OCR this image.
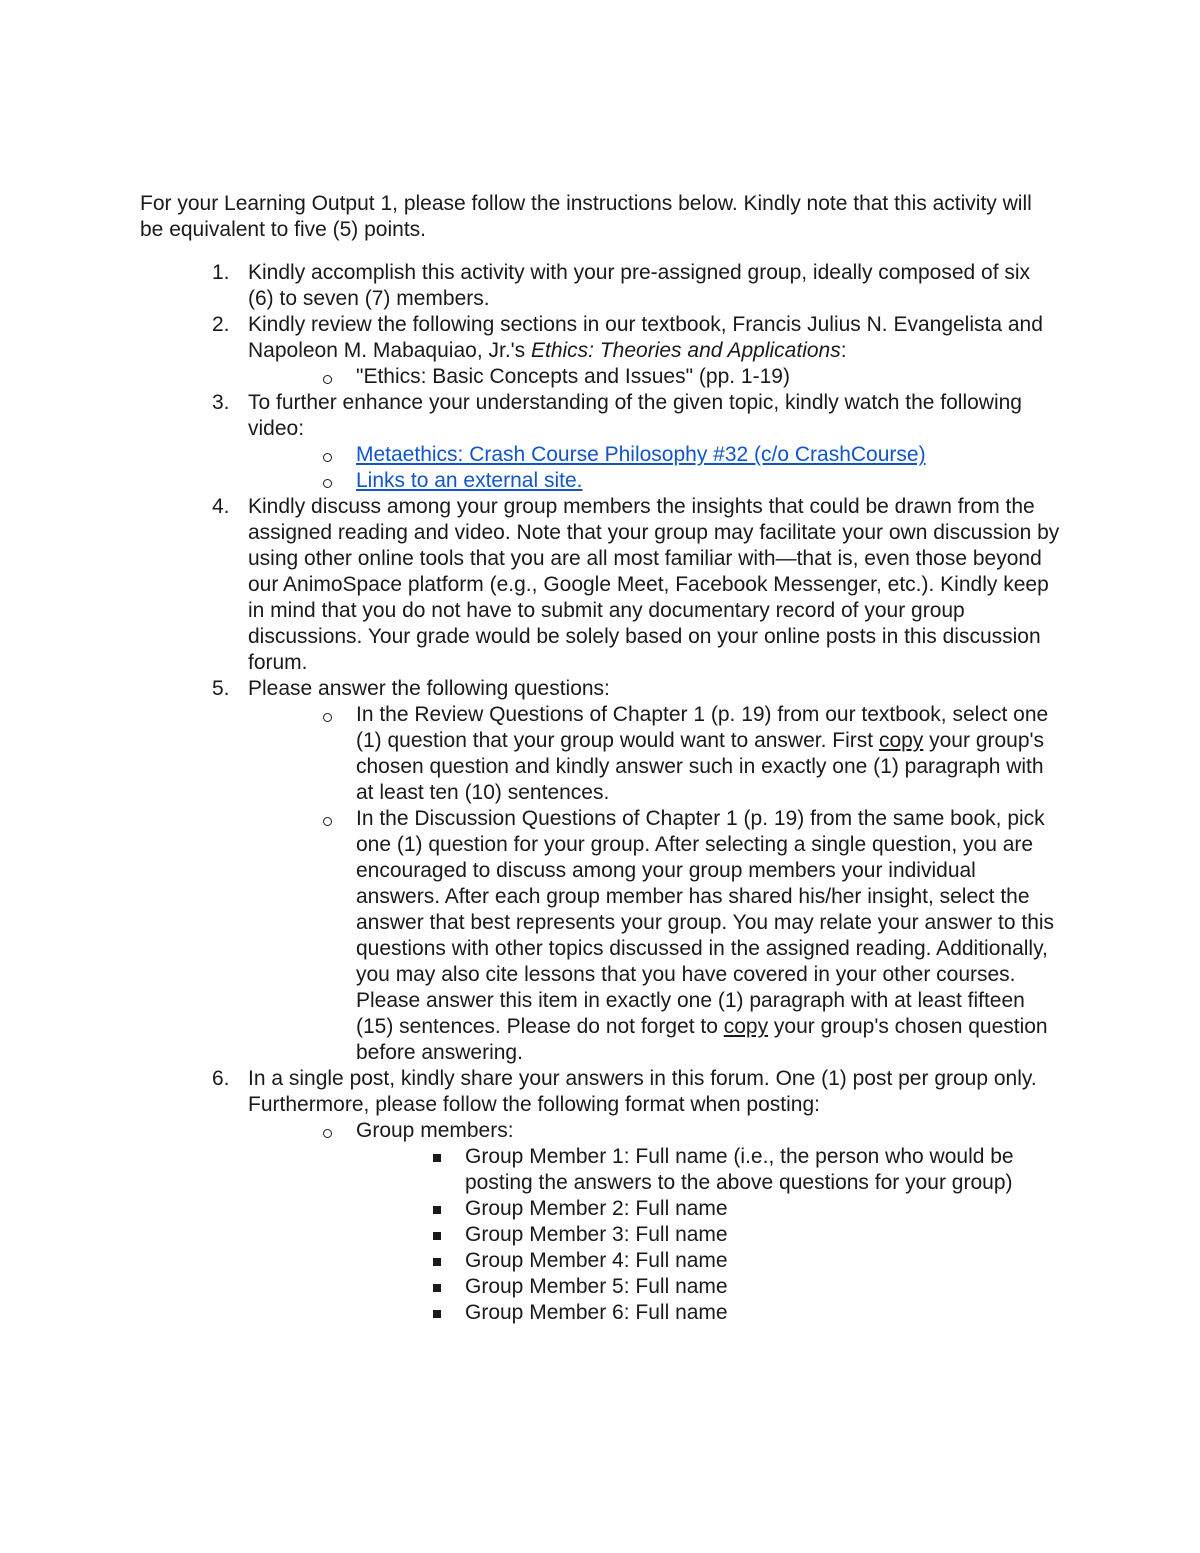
For your Learning Output 1, please follow the instructions below. Kindly note that this activity will be equivalent to five (5) points.

1. Kindly accomplish this activity with your pre-assigned group, ideally composed of six (6) to seven (7) members.
2. Kindly review the following sections in our textbook, Francis Julius N. Evangelista and Napoleon M. Mabaquiao, Jr.'s Ethics: Theories and Applications:
"Ethics: Basic Concepts and Issues" (pp. 1-19)
3. To further enhance your understanding of the given topic, kindly watch the following video:
Metaethics: Crash Course Philosophy #32 (c/o CrashCourse)
Links to an external site.
4. Kindly discuss among your group members the insights that could be drawn from the assigned reading and video. Note that your group may facilitate your own discussion by using other online tools that you are all most familiar with—that is, even those beyond our AnimoSpace platform (e.g., Google Meet, Facebook Messenger, etc.). Kindly keep in mind that you do not have to submit any documentary record of your group discussions. Your grade would be solely based on your online posts in this discussion forum.
5. Please answer the following questions:
In the Review Questions of Chapter 1 (p. 19) from our textbook, select one (1) question that your group would want to answer. First copy your group's chosen question and kindly answer such in exactly one (1) paragraph with at least ten (10) sentences.
In the Discussion Questions of Chapter 1 (p. 19) from the same book, pick one (1) question for your group. After selecting a single question, you are encouraged to discuss among your group members your individual answers. After each group member has shared his/her insight, select the answer that best represents your group. You may relate your answer to this questions with other topics discussed in the assigned reading. Additionally, you may also cite lessons that you have covered in your other courses. Please answer this item in exactly one (1) paragraph with at least fifteen (15) sentences. Please do not forget to copy your group's chosen question before answering.
6. In a single post, kindly share your answers in this forum. One (1) post per group only. Furthermore, please follow the following format when posting:
Group members:
Group Member 1: Full name (i.e., the person who would be posting the answers to the above questions for your group)
Group Member 2: Full name
Group Member 3: Full name
Group Member 4: Full name
Group Member 5: Full name
Group Member 6: Full name
